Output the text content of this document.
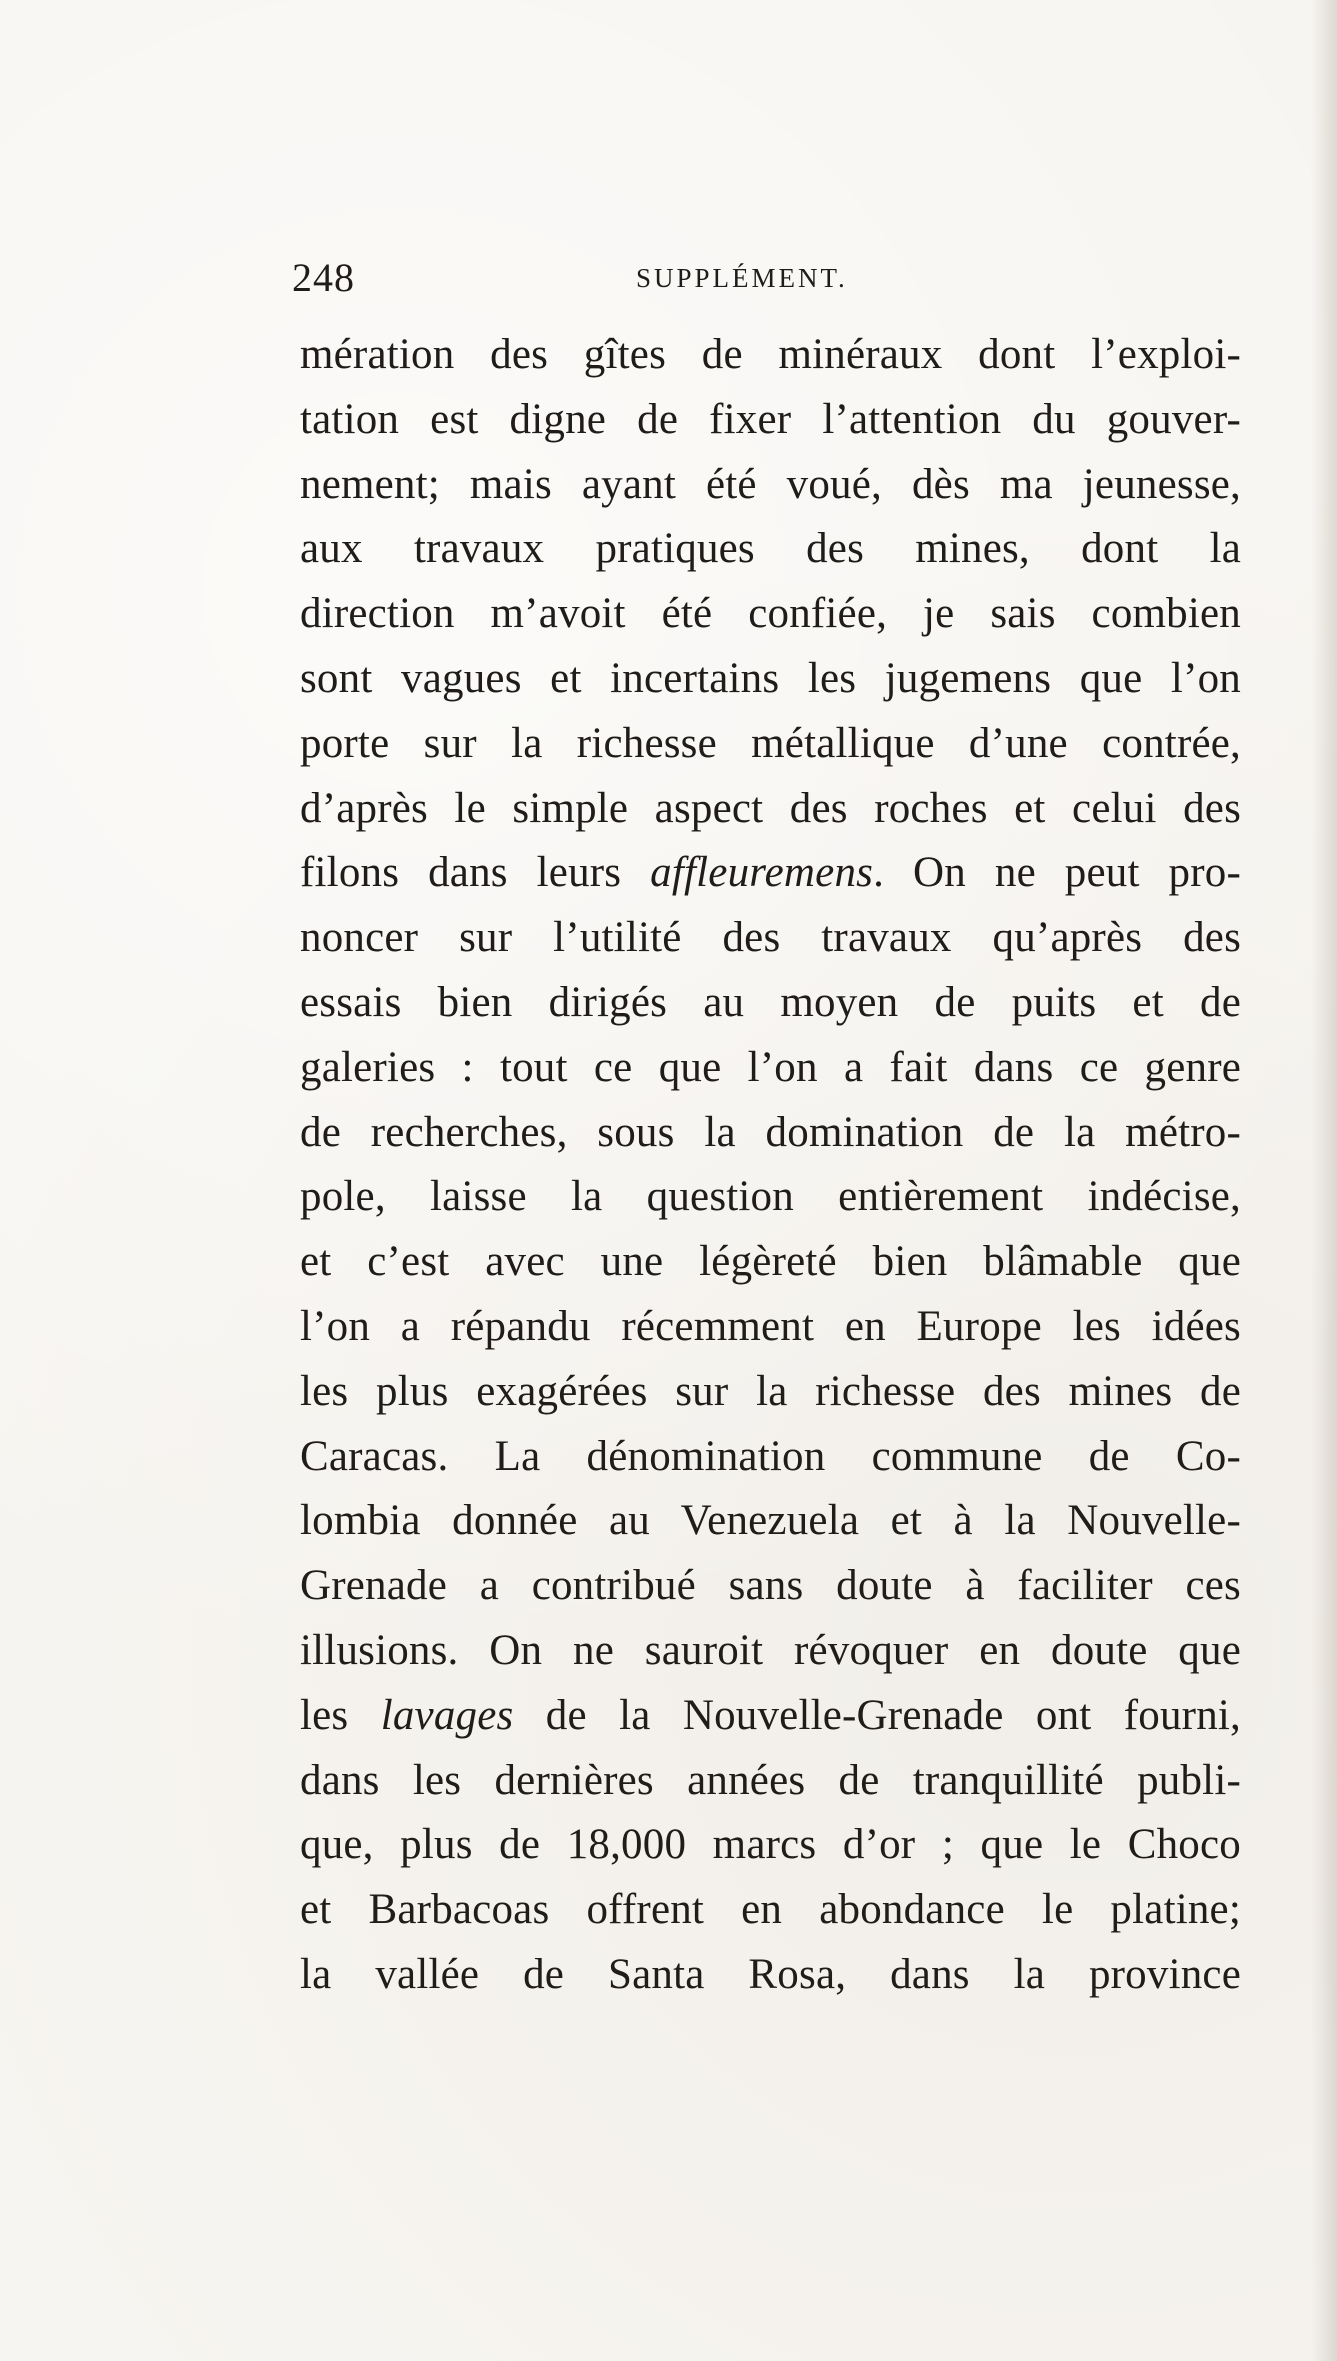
248	SUPPLÉMENT.
mération des gîtes de minéraux dont l’exploi-
tation est digne de fixer l’attention du gouver-
nement; mais ayant été voué, dès ma jeunesse,
aux travaux pratiques des mines, dont la
direction m’avoit été confiée, je sais combien
sont vagues et incertains les jugemens que l’on
porte sur la richesse métallique d’une contrée,
d’après le simple aspect des roches et celui des
filons dans leurs affleuremens. On ne peut pro-
noncer sur l’utilité des travaux qu’après des
essais bien dirigés au moyen de puits et de
galeries : tout ce que l’on a fait dans ce genre
de recherches, sous la domination de la métro-
pole, laisse la question entièrement indécise,
et c’est avec une légèreté bien blâmable que
l’on a répandu récemment en Europe les idées
les plus exagérées sur la richesse des mines de
Caracas. La dénomination commune de Co-
lombia donnée au Venezuela et à la Nouvelle-
Grenade a contribué sans doute à faciliter ces
illusions. On ne sauroit révoquer en doute que
les lavages de la Nouvelle-Grenade ont fourni,
dans les dernières années de tranquillité publi-
que, plus de 18,000 marcs d’or ; que le Choco
et Barbacoas offrent en abondance le platine;
la vallée de Santa Rosa, dans la province
